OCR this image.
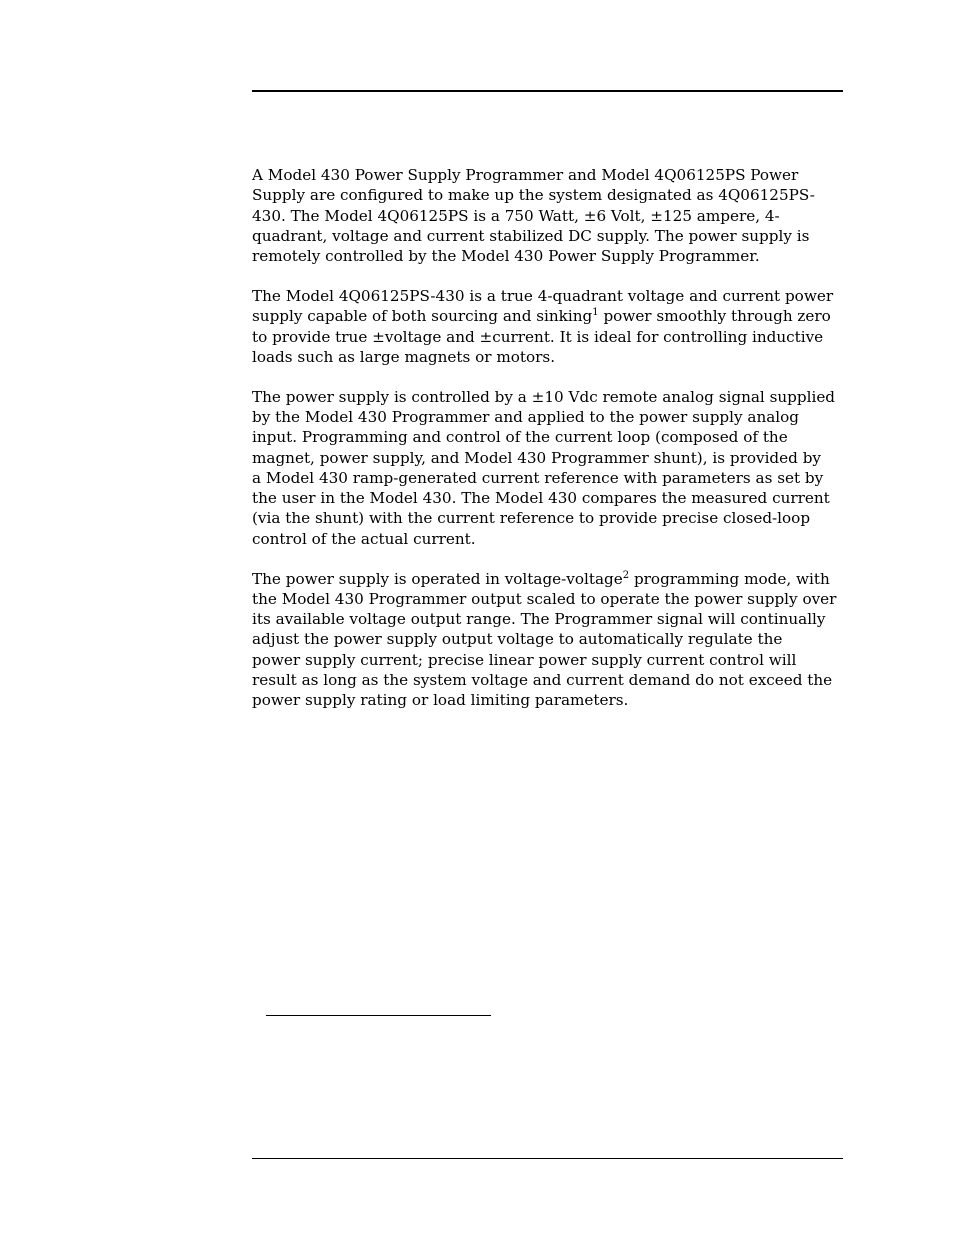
A Model 430 Power Supply Programmer and Model 4Q06125PS Power
Supply are configured to make up the system designated as 4Q06125PS-
430. The Model 4Q06125PS is a 750 Watt, ±6 Volt, ±125 ampere, 4-
quadrant, voltage and current stabilized DC supply. The power supply is
remotely controlled by the Model 430 Power Supply Programmer.

The Model 4Q06125PS-430 is a true 4-quadrant voltage and current power
supply capable of both sourcing and sinking$^1$ power smoothly through zero
to provide true ±voltage and ±current. It is ideal for controlling inductive
loads such as large magnets or motors.

The power supply is controlled by a ±10 Vdc remote analog signal supplied
by the Model 430 Programmer and applied to the power supply analog
input. Programming and control of the current loop (composed of the
magnet, power supply, and Model 430 Programmer shunt), is provided by
a Model 430 ramp-generated current reference with parameters as set by
the user in the Model 430. The Model 430 compares the measured current
(via the shunt) with the current reference to provide precise closed-loop
control of the actual current.

The power supply is operated in voltage-voltage$^2$ programming mode, with
the Model 430 Programmer output scaled to operate the power supply over
its available voltage output range. The Programmer signal will continually
adjust the power supply output voltage to automatically regulate the
power supply current; precise linear power supply current control will
result as long as the system voltage and current demand do not exceed the
power supply rating or load limiting parameters.
